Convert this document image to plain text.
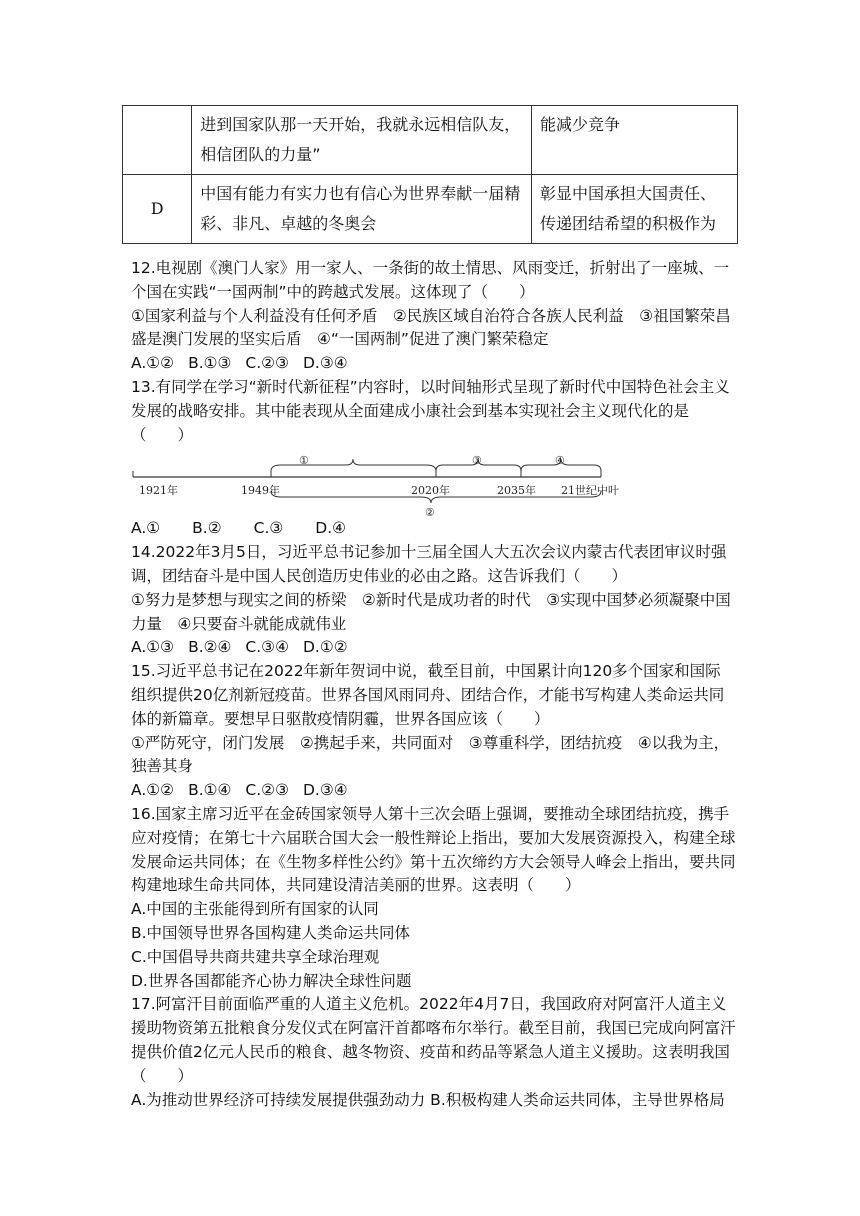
	进到国家队那一天开始，我就永远相信队友，相信团队的力量”	能减少竞争
D	中国有能力有实力也有信心为世界奉献一届精彩、非凡、卓越的冬奥会	彰显中国承担大国责任、传递团结希望的积极作为

12.电视剧《澳门人家》用一家人、一条街的故土情思、风雨变迁，折射出了一座城、一个国在实践“一国两制”中的跨越式发展。这体现了（　　）

①国家利益与个人利益没有任何矛盾　②民族区域自治符合各族人民利益　③祖国繁荣昌盛是澳门发展的坚实后盾　④“一国两制”促进了澳门繁荣稳定

A.①② B.①③ C.②③ D.③④

13.有同学在学习“新时代新征程”内容时，以时间轴形式呈现了新时代中国特色社会主义发展的战略安排。其中能表现从全面建成小康社会到基本实现社会主义现代化的是（　　）

①	③	④
②
1921年	1949年	2020年	2035年 21世纪中叶

A.① B.② C.③ D.④

14.2022年3月5日，习近平总书记参加十三届全国人大五次会议内蒙古代表团审议时强调，团结奋斗是中国人民创造历史伟业的必由之路。这告诉我们（　　）

①努力是梦想与现实之间的桥梁　②新时代是成功者的时代　③实现中国梦必须凝聚中国力量　④只要奋斗就能成就伟业

A.①③ B.②④ C.③④ D.①②

15.习近平总书记在2022年新年贺词中说，截至目前，中国累计向120多个国家和国际组织提供20亿剂新冠疫苗。世界各国风雨同舟、团结合作，才能书写构建人类命运共同体的新篇章。要想早日驱散疫情阴霾，世界各国应该（　　）

①严防死守，闭门发展　②携起手来，共同面对　③尊重科学，团结抗疫　④以我为主，独善其身

A.①② B.①④ C.②③ D.③④

16.国家主席习近平在金砖国家领导人第十三次会晤上强调，要推动全球团结抗疫，携手应对疫情；在第七十六届联合国大会一般性辩论上指出，要加大发展资源投入，构建全球发展命运共同体；在《生物多样性公约》第十五次缔约方大会领导人峰会上指出，要共同构建地球生命共同体，共同建设清洁美丽的世界。这表明（　　）

A.中国的主张能得到所有国家的认同

B.中国领导世界各国构建人类命运共同体

C.中国倡导共商共建共享全球治理观

D.世界各国都能齐心协力解决全球性问题

17.阿富汗目前面临严重的人道主义危机。2022年4月7日，我国政府对阿富汗人道主义援助物资第五批粮食分发仪式在阿富汗首都喀布尔举行。截至目前，我国已完成向阿富汗提供价值2亿元人民币的粮食、越冬物资、疫苗和药品等紧急人道主义援助。这表明我国（　　）

A.为推动世界经济可持续发展提供强劲动力 B.积极构建人类命运共同体，主导世界格局
